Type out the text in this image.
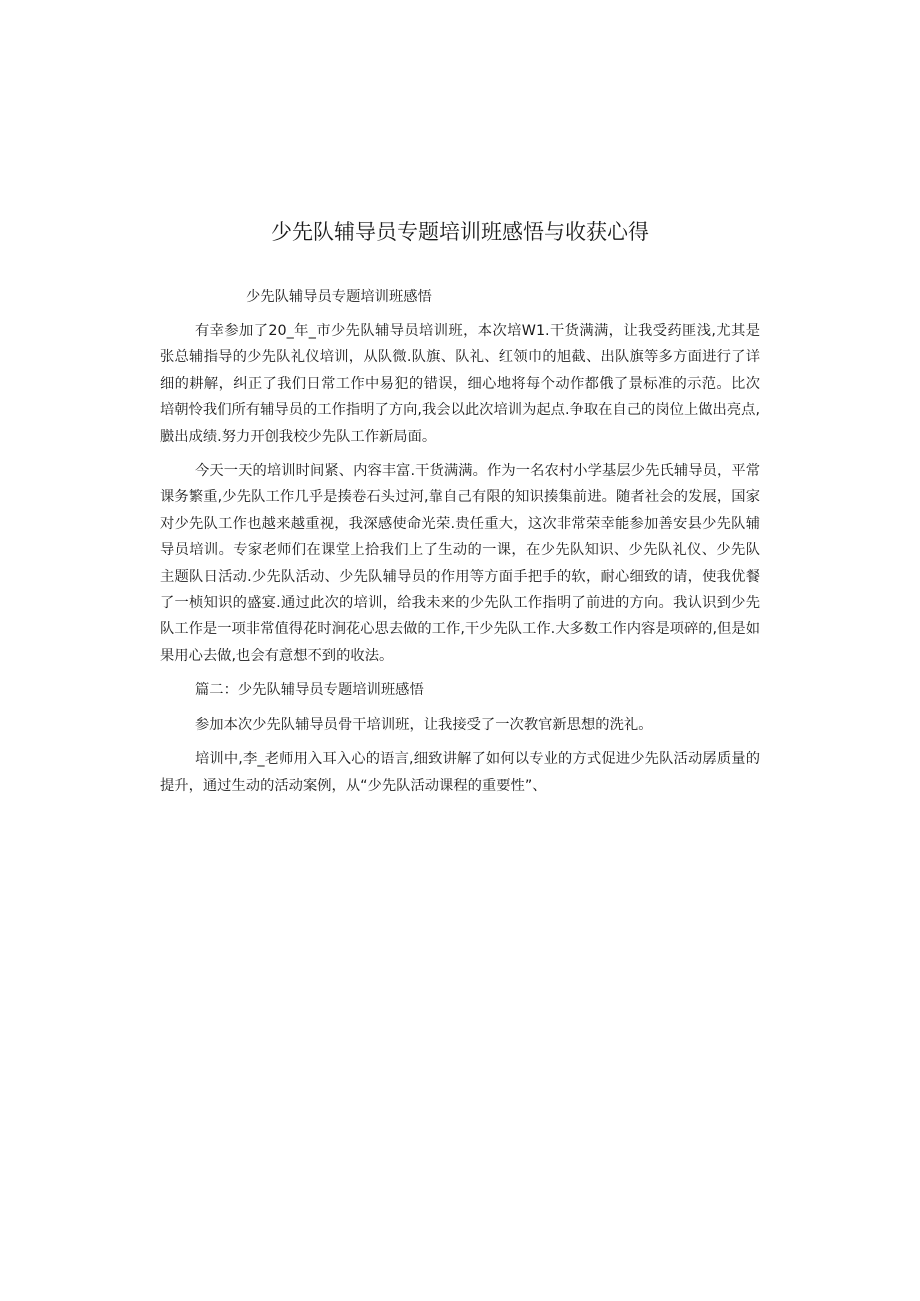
少先队辅导员专题培训班感悟与收获心得

少先队辅导员专题培训班感悟

有幸参加了20_年_市少先队辅导员培训班，本次培W1.干货满满，让我受药匪浅,尤其是张总辅指导的少先队礼仪培训，从队微.队旗、队礼、红领巾的旭截、出队旗等多方面进行了详细的耕解，纠正了我们日常工作中易犯的错误，细心地将每个动作都俄了景标准的示范。比次培朝怜我们所有辅导员的工作指明了方向,我会以此次培训为起点.争取在自己的岗位上做出亮点,臌出成绩.努力开创我校少先队工作新局面。

今天一天的培训时间紧、内容丰富.干货满满。作为一名农村小学基层少先氏辅导员，平常课务繁重,少先队工作几乎是揍卷石头过河,靠自己有限的知识揍集前进。随者社会的发展，国家对少先队工作也越来越重视，我深感使命光荣.贵任重大，这次非常荣幸能参加善安县少先队辅导员培训。专家老师们在课堂上拾我们上了生动的一课，在少先队知识、少先队礼仪、少先队主题队日活动.少先队活动、少先队辅导员的作用等方面手把手的软，耐心细致的请，使我优餐了一桢知识的盛宴.通过此次的培训，给我未来的少先队工作指明了前进的方向。我认识到少先队工作是一项非常值得花时涧花心思去做的工作,干少先队工作.大多数工作内容是项碎的,但是如果用心去做,也会有意想不到的收法。

篇二：少先队辅导员专题培训班感悟

参加本次少先队辅导员骨干培训班，让我接受了一次教官新思想的洗礼。

培训中,李_老师用入耳入心的语言,细致讲解了如何以专业的方式促进少先队活动孱质量的提升，通过生动的活动案例，从“少先队活动课程的重要性”、
